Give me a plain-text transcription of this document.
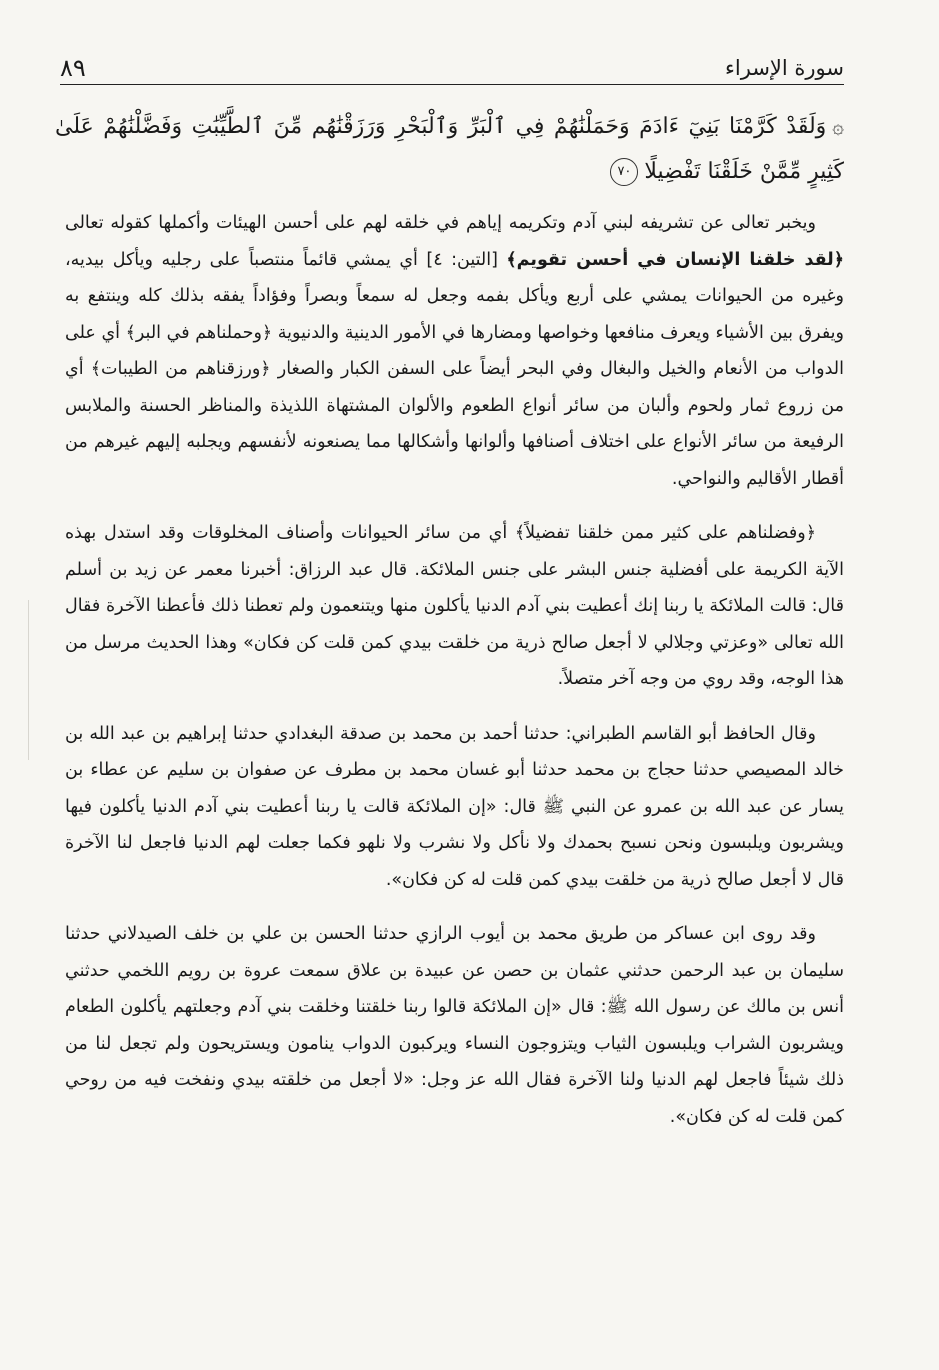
سورة الإسراء
٨٩
۞وَلَقَدْ كَرَّمْنَا بَنِيٓ ءَادَمَ وَحَمَلْنَٰهُمْ فِي ٱلْبَرِّ وَٱلْبَحْرِ وَرَزَقْنَٰهُم مِّنَ ٱلطَّيِّبَٰتِ وَفَضَّلْنَٰهُمْ عَلَىٰ كَثِيرٍ مِّمَّنْ خَلَقْنَا تَفْضِيلًا٧٠

ويخبر تعالى عن تشريفه لبني آدم وتكريمه إياهم في خلقه لهم على أحسن الهيئات وأكملها كقوله تعالى ﴿لقد خلقنا الإنسان في أحسن تقويم﴾ [التين: ٤] أي يمشي قائماً منتصباً على رجليه ويأكل بيديه، وغيره من الحيوانات يمشي على أربع ويأكل بفمه وجعل له سمعاً وبصراً وفؤاداً يفقه بذلك كله وينتفع به ويفرق بين الأشياء ويعرف منافعها وخواصها ومضارها في الأمور الدينية والدنيوية ﴿وحملناهم في البر﴾ أي على الدواب من الأنعام والخيل والبغال وفي البحر أيضاً على السفن الكبار والصغار ﴿ورزقناهم من الطيبات﴾ أي من زروع ثمار ولحوم وألبان من سائر أنواع الطعوم والألوان المشتهاة اللذيذة والمناظر الحسنة والملابس الرفيعة من سائر الأنواع على اختلاف أصنافها وألوانها وأشكالها مما يصنعونه لأنفسهم ويجلبه إليهم غيرهم من أقطار الأقاليم والنواحي.

﴿وفضلناهم على كثير ممن خلقنا تفضيلاً﴾ أي من سائر الحيوانات وأصناف المخلوقات وقد استدل بهذه الآية الكريمة على أفضلية جنس البشر على جنس الملائكة. قال عبد الرزاق: أخبرنا معمر عن زيد بن أسلم قال: قالت الملائكة يا ربنا إنك أعطيت بني آدم الدنيا يأكلون منها ويتنعمون ولم تعطنا ذلك فأعطنا الآخرة فقال الله تعالى «وعزتي وجلالي لا أجعل صالح ذرية من خلقت بيدي كمن قلت كن فكان» وهذا الحديث مرسل من هذا الوجه، وقد روي من وجه آخر متصلاً.

وقال الحافظ أبو القاسم الطبراني: حدثنا أحمد بن محمد بن صدقة البغدادي حدثنا إبراهيم بن عبد الله بن خالد المصيصي حدثنا حجاج بن محمد حدثنا أبو غسان محمد بن مطرف عن صفوان بن سليم عن عطاء بن يسار عن عبد الله بن عمرو عن النبي ﷺ قال: «إن الملائكة قالت يا ربنا أعطيت بني آدم الدنيا يأكلون فيها ويشربون ويلبسون ونحن نسبح بحمدك ولا نأكل ولا نشرب ولا نلهو فكما جعلت لهم الدنيا فاجعل لنا الآخرة قال لا أجعل صالح ذرية من خلقت بيدي كمن قلت له كن فكان».

وقد روى ابن عساكر من طريق محمد بن أيوب الرازي حدثنا الحسن بن علي بن خلف الصيدلاني حدثنا سليمان بن عبد الرحمن حدثني عثمان بن حصن عن عبيدة بن علاق سمعت عروة بن رويم اللخمي حدثني أنس بن مالك عن رسول الله ﷺ: قال «إن الملائكة قالوا ربنا خلقتنا وخلقت بني آدم وجعلتهم يأكلون الطعام ويشربون الشراب ويلبسون الثياب ويتزوجون النساء ويركبون الدواب ينامون ويستريحون ولم تجعل لنا من ذلك شيئاً فاجعل لهم الدنيا ولنا الآخرة فقال الله عز وجل: «لا أجعل من خلقته بيدي ونفخت فيه من روحي كمن قلت له كن فكان».
